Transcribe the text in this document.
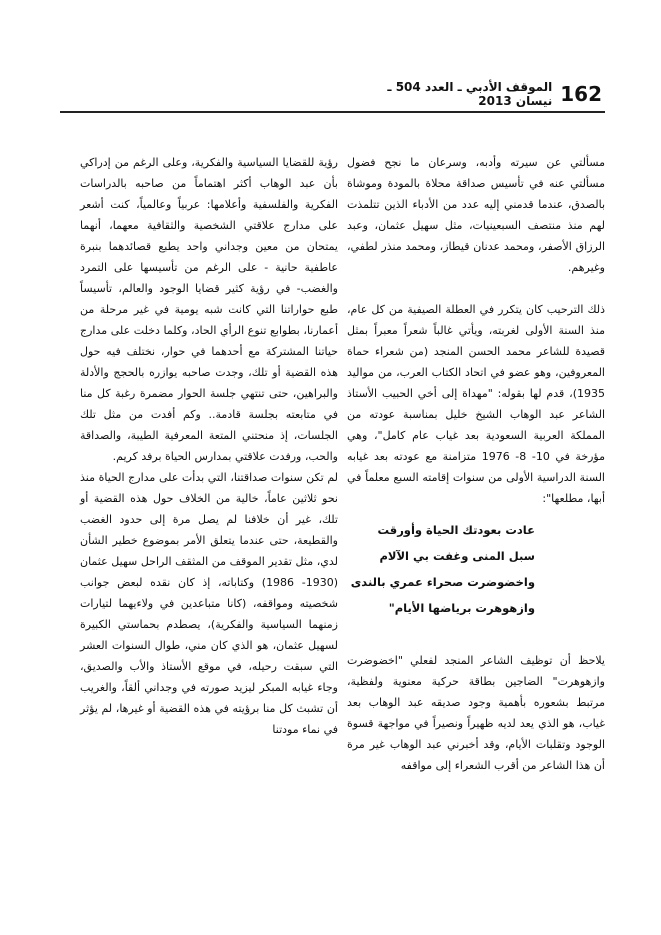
162
الموقف الأدبي ـ العدد 504 ـ نيسان 2013

مسألتي عن سيرته وأدبه، وسرعان ما نجح فضول مسألتي عنه في تأسيس صداقة محلاة بالمودة وموشاة بالصدق، عندما قدمني إليه عدد من الأدباء الذين تتلمذت لهم منذ منتصف السبعينيات، مثل سهيل عثمان، وعبد الرزاق الأصفر، ومحمد عدنان قيطاز، ومحمد منذر لطفي، وغيرهم.

ذلك الترحيب كان يتكرر في العطلة الصيفية من كل عام، منذ السنة الأولى لغربته، ويأتي غالباً شعراً معبراً بمثل قصيدة للشاعر محمد الحسن المنجد (من شعراء حماة المعروفين، وهو عضو في اتحاد الكتاب العرب، من مواليد 1935)، قدم لها بقوله: "مهداة إلى أخي الحبيب الأستاذ الشاعر عبد الوهاب الشيخ خليل بمناسبة عودته من المملكة العربية السعودية بعد غياب عام كامل"، وهي مؤرخة في 10- 8- 1976 متزامنة مع عودته بعد غيابه السنة الدراسية الأولى من سنوات إقامته السبع معلماً في أبها، مطلعها":

عادت بعودتك الحياة وأورقت
سبل المنى وغفت بي الآلام
واخضوضرت صحراء عمري بالندى
وازهوهرت برياضها الأيام"

يلاحظ أن توظيف الشاعر المنجد لفعلي "اخضوضرت وازهوهرت" الضاجين بطاقة حركية معنوية ولفظية، مرتبط بشعوره بأهمية وجود صديقه عبد الوهاب بعد غياب، هو الذي يعد لديه ظهيراً ونصيراً في مواجهة قسوة الوجود وتقلبات الأيام، وقد أخبرني عبد الوهاب غير مرة أن هذا الشاعر من أقرب الشعراء إلى مواقفه

رؤية للقضايا السياسية والفكرية، وعلى الرغم من إدراكي بأن عبد الوهاب أكثر اهتماماً من صاحبه بالدراسات الفكرية والفلسفية وأعلامها: عربياً وعالمياً، كنت أشعر على مدارج علاقتي الشخصية والثقافية معهما، أنهما يمتحان من معين وجداني واحد يطبع قصائدهما بنبرة عاطفية حانية - على الرغم من تأسيسها على التمرد والغضب- في رؤية كثير قضايا الوجود والعالم، تأسيساً طبع حواراتنا التي كانت شبه يومية في غير مرحلة من أعمارنا، بطوابع تنوع الرأي الحاد، وكلما دخلت على مدارج حياتنا المشتركة مع أحدهما في حوار، نختلف فيه حول هذه القضية أو تلك، وجدت صاحبه يوازره بالحجج والأدلة والبراهين، حتى تنتهي جلسة الحوار مضمرة رغبة كل منا في متابعته بجلسة قادمة.. وكم أفدت من مثل تلك الجلسات، إذ منحتني المتعة المعرفية الطيبة، والصداقة والحب، ورفدت علاقتي بمدارس الحياة برفد كريم.

لم تكن سنوات صداقتنا، التي بدأت على مدارج الحياة منذ نحو ثلاثين عاماً، خالية من الخلاف حول هذه القضية أو تلك، غير أن خلافنا لم يصل مرة إلى حدود الغضب والقطيعة، حتى عندما يتعلق الأمر بموضوع خطير الشأن لدي، مثل تقدير الموقف من المثقف الراحل سهيل عثمان (1930- 1986) وكتاباته، إذ كان نقده لبعض جوانب شخصيته ومواقفه، (كانا متباعدين في ولاءيهما لتيارات زمنهما السياسية والفكرية)، يصطدم بحماستي الكبيرة لسهيل عثمان، هو الذي كان مني، طوال السنوات العشر التي سبقت رحيله، في موقع الأستاذ والأب والصديق، وجاء غيابه المبكر ليزيد صورته في وجداني ألقاً، والغريب أن تشبث كل منا برؤيته في هذه القضية أو غيرها، لم يؤثر في نماء مودتنا
